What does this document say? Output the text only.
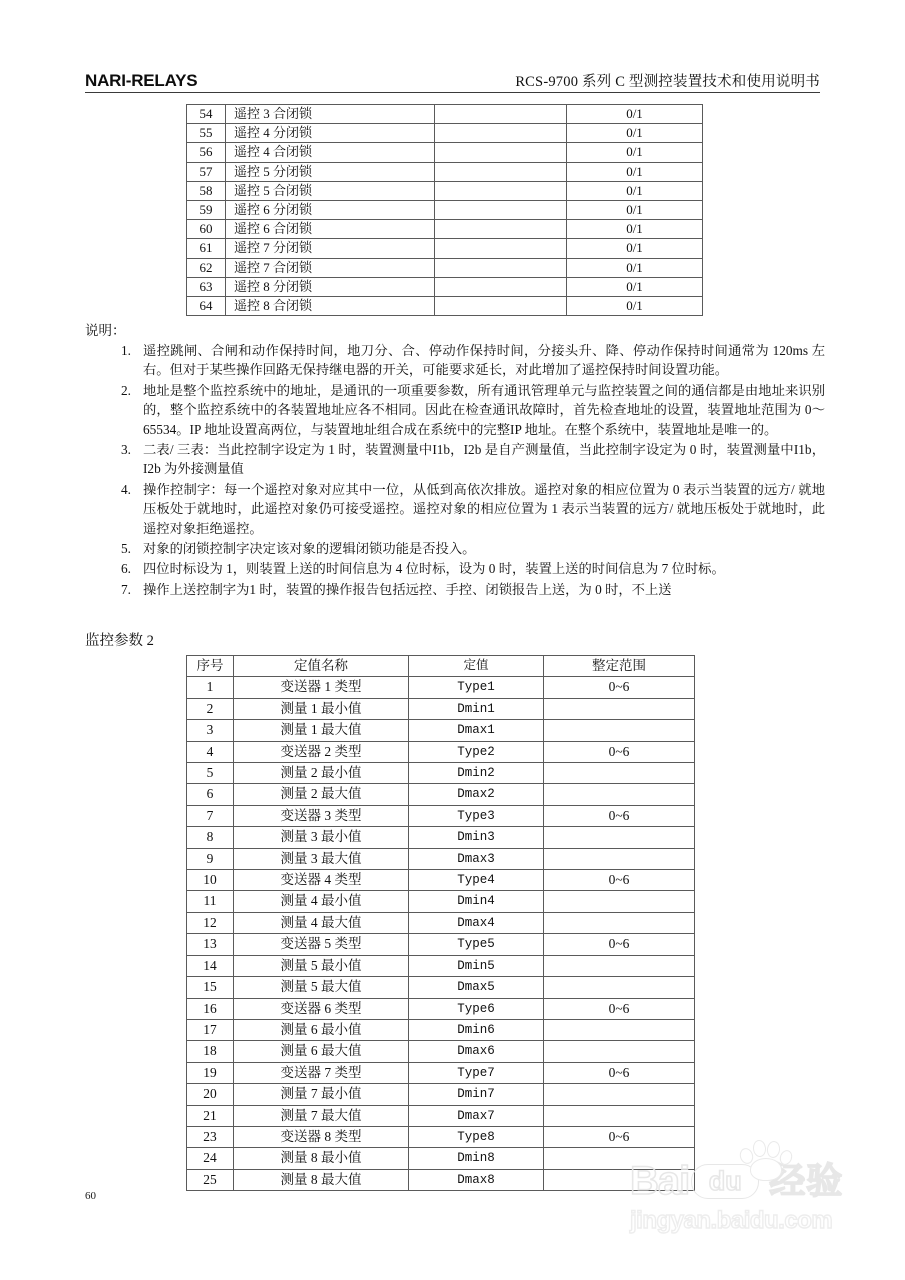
NARI-RELAYS	RCS-9700 系列 C 型测控装置技术和使用说明书
54	遥控 3 合闭锁		0/1
55	遥控 4 分闭锁		0/1
56	遥控 4 合闭锁		0/1
57	遥控 5 分闭锁		0/1
58	遥控 5 合闭锁		0/1
59	遥控 6 分闭锁		0/1
60	遥控 6 合闭锁		0/1
61	遥控 7 分闭锁		0/1
62	遥控 7 合闭锁		0/1
63	遥控 8 分闭锁		0/1
64	遥控 8 合闭锁		0/1
说明：
遥控跳闸、合闸和动作保持时间，地刀分、合、停动作保持时间，分接头升、降、停动作保持时间通常为 120ms 左右。但对于某些操作回路无保持继电器的开关，可能要求延长，对此增加了遥控保持时间设置功能。
地址是整个监控系统中的地址，是通讯的一项重要参数，所有通讯管理单元与监控装置之间的通信都是由地址来识别的，整个监控系统中的各装置地址应各不相同。因此在检查通讯故障时，首先检查地址的设置，装置地址范围为 0～65534。IP 地址设置高两位，与装置地址组合成在系统中的完整IP 地址。在整个系统中，装置地址是唯一的。
二表/ 三表：当此控制字设定为 1 时，装置测量中I1b，I2b 是自产测量值，当此控制字设定为 0 时，装置测量中I1b，I2b 为外接测量值
操作控制字：每一个遥控对象对应其中一位，从低到高依次排放。遥控对象的相应位置为 0 表示当装置的远方/ 就地压板处于就地时，此遥控对象仍可接受遥控。遥控对象的相应位置为 1 表示当装置的远方/ 就地压板处于就地时，此遥控对象拒绝遥控。
对象的闭锁控制字决定该对象的逻辑闭锁功能是否投入。
四位时标设为 1，则装置上送的时间信息为 4 位时标，设为 0 时，装置上送的时间信息为 7 位时标。
操作上送控制字为1 时，装置的操作报告包括远控、手控、闭锁报告上送，为 0 时，不上送
监控参数 2
序号	定值名称	定值	整定范围
1	变送器 1 类型	Type1	0~6
2	测量 1 最小值	Dmin1	
3	测量 1 最大值	Dmax1	
4	变送器 2 类型	Type2	0~6
5	测量 2 最小值	Dmin2	
6	测量 2 最大值	Dmax2	
7	变送器 3 类型	Type3	0~6
8	测量 3 最小值	Dmin3	
9	测量 3 最大值	Dmax3	
10	变送器 4 类型	Type4	0~6
11	测量 4 最小值	Dmin4	
12	测量 4 最大值	Dmax4	
13	变送器 5 类型	Type5	0~6
14	测量 5 最小值	Dmin5	
15	测量 5 最大值	Dmax5	
16	变送器 6 类型	Type6	0~6
17	测量 6 最小值	Dmin6	
18	测量 6 最大值	Dmax6	
19	变送器 7 类型	Type7	0~6
20	测量 7 最小值	Dmin7	
21	测量 7 最大值	Dmax7	
23	变送器 8 类型	Type8	0~6
24	测量 8 最小值	Dmin8	
25	测量 8 最大值	Dmax8	
60	Bai du 经验
jingyan.baidu.com
